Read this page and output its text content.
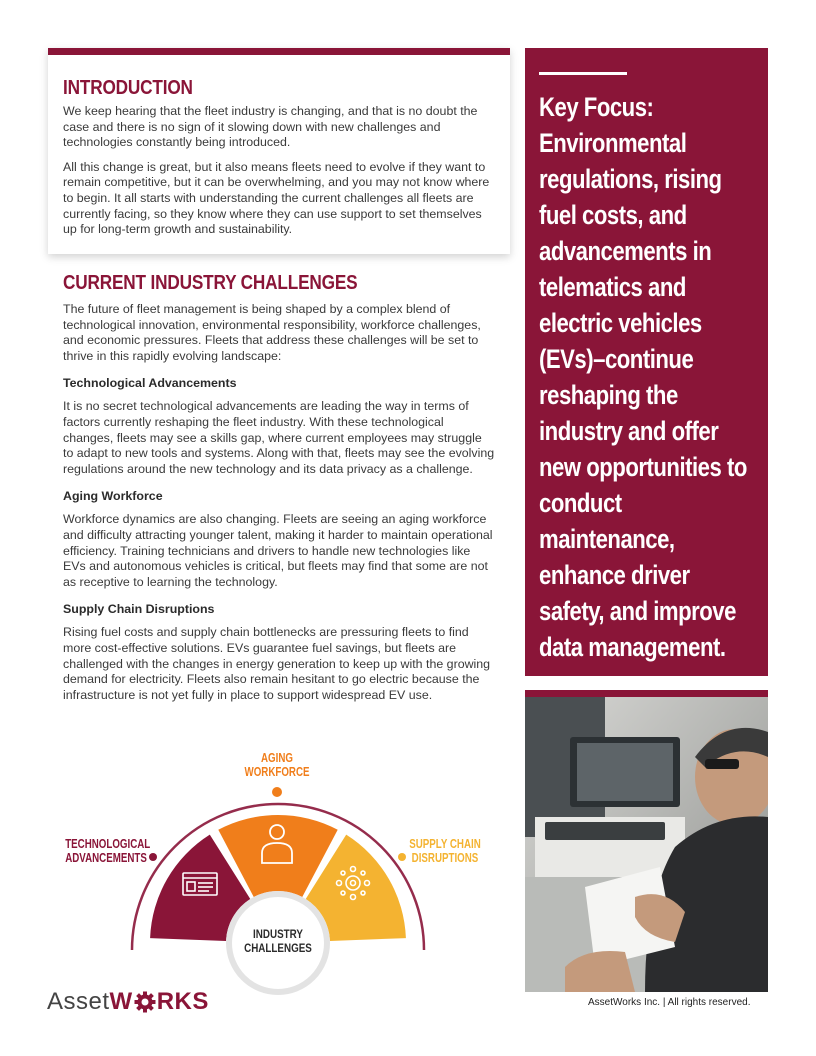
INTRODUCTION

We keep hearing that the fleet industry is changing, and that is no doubt the case and there is no sign of it slowing down with new challenges and technologies constantly being introduced.

All this change is great, but it also means fleets need to evolve if they want to remain competitive, but it can be overwhelming, and you may not know where to begin. It all starts with understanding the current challenges all fleets are currently facing, so they know where they can use support to set themselves up for long-term growth and sustainability.

CURRENT INDUSTRY CHALLENGES

The future of fleet management is being shaped by a complex blend of technological innovation, environmental responsibility, workforce challenges, and economic pressures. Fleets that address these challenges will be set to thrive in this rapidly evolving landscape:

Technological Advancements

It is no secret technological advancements are leading the way in terms of factors currently reshaping the fleet industry. With these technological changes, fleets may see a skills gap, where current employees may struggle to adapt to new tools and systems. Along with that, fleets may see the evolving regulations around the new technology and its data privacy as a challenge.

Aging Workforce

Workforce dynamics are also changing. Fleets are seeing an aging workforce and difficulty attracting younger talent, making it harder to maintain operational efficiency. Training technicians and drivers to handle new technologies like EVs and autonomous vehicles is critical, but fleets may find that some are not as receptive to learning the technology.

Supply Chain Disruptions

Rising fuel costs and supply chain bottlenecks are pressuring fleets to find more cost-effective solutions. EVs guarantee fuel savings, but fleets are challenged with the changes in energy generation to keep up with the growing demand for electricity. Fleets also remain hesitant to go electric because the infrastructure is not yet fully in place to support widespread EV use.

Key Focus: Environmental regulations, rising fuel costs, and advancements in telematics and electric vehicles (EVs)–continue reshaping the industry and offer new opportunities to conduct maintenance, enhance driver safety, and improve data management.
AssetWorks Inc. | All rights reserved.
INDUSTRY
CHALLENGES
TECHNOLOGICAL
ADVANCEMENTS
AGING
WORKFORCE
SUPPLY CHAIN
DISRUPTIONS
Asset W RKS
